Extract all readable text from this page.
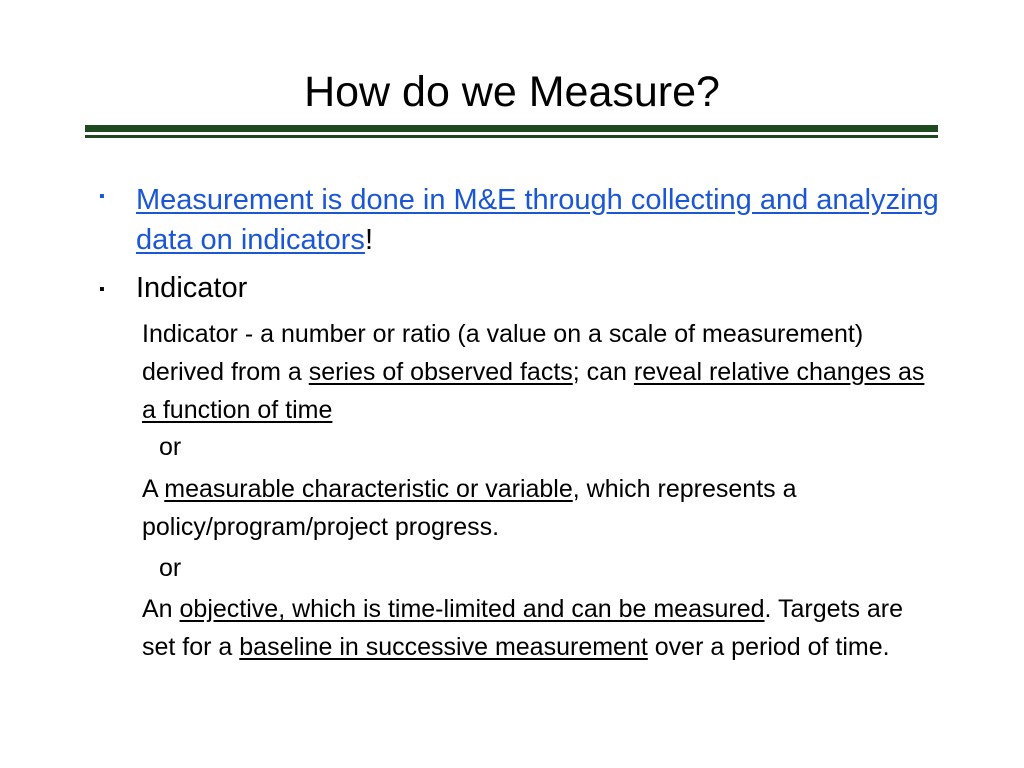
How do we Measure?
▪ Measurement is done in M&E through collecting and analyzing data on indicators!
▪ Indicator
Indicator - a number or ratio (a value on a scale of measurement) derived from a series of observed facts; can reveal relative changes as a function of time
or
A measurable characteristic or variable, which represents a policy/program/project progress.
or
An objective, which is time-limited and can be measured. Targets are set for a baseline in successive measurement over a period of time.
